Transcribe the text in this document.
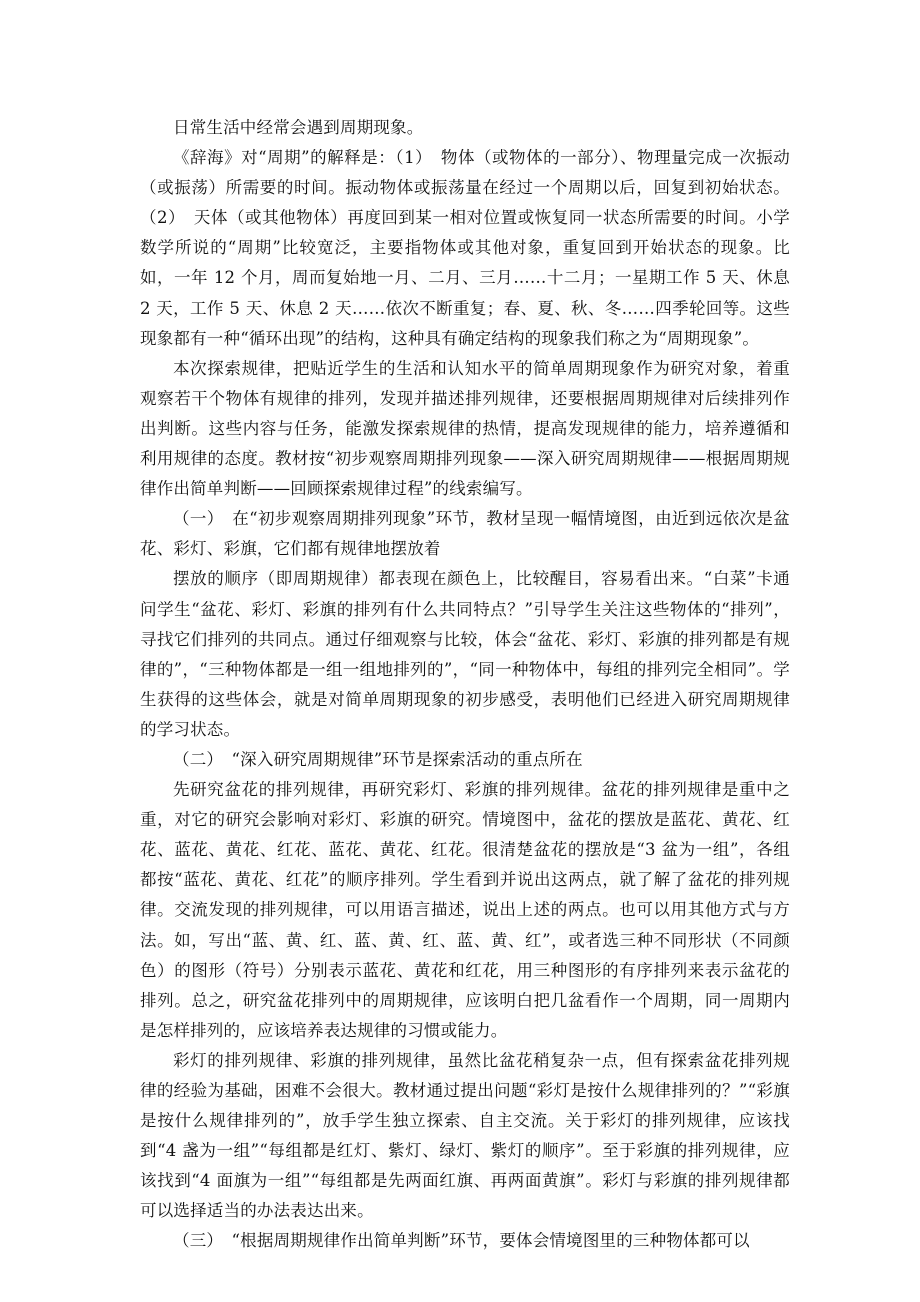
日常生活中经常会遇到周期现象。

《辞海》对“周期”的解释是：（1）　物体（或物体的一部分）、物理量完成一次振动（或振荡）所需要的时间。振动物体或振荡量在经过一个周期以后，回复到初始状态。（2）　天体（或其他物体）再度回到某一相对位置或恢复同一状态所需要的时间。小学数学所说的“周期”比较宽泛，主要指物体或其他对象，重复回到开始状态的现象。比如，一年 12 个月，周而复始地一月、二月、三月……十二月；一星期工作 5 天、休息 2 天，工作 5 天、休息 2 天……依次不断重复；春、夏、秋、冬……四季轮回等。这些现象都有一种“循环出现”的结构，这种具有确定结构的现象我们称之为“周期现象”。

本次探索规律，把贴近学生的生活和认知水平的简单周期现象作为研究对象，着重观察若干个物体有规律的排列，发现并描述排列规律，还要根据周期规律对后续排列作出判断。这些内容与任务，能激发探索规律的热情，提高发现规律的能力，培养遵循和利用规律的态度。教材按“初步观察周期排列现象——深入研究周期规律——根据周期规律作出简单判断——回顾探索规律过程”的线索编写。

（一）　在“初步观察周期排列现象”环节，教材呈现一幅情境图，由近到远依次是盆花、彩灯、彩旗，它们都有规律地摆放着

摆放的顺序（即周期规律）都表现在颜色上，比较醒目，容易看出来。“白菜”卡通问学生“盆花、彩灯、彩旗的排列有什么共同特点？”引导学生关注这些物体的“排列”，寻找它们排列的共同点。通过仔细观察与比较，体会“盆花、彩灯、彩旗的排列都是有规律的”，“三种物体都是一组一组地排列的”，“同一种物体中，每组的排列完全相同”。学生获得的这些体会，就是对简单周期现象的初步感受，表明他们已经进入研究周期规律的学习状态。

（二）　“深入研究周期规律”环节是探索活动的重点所在

先研究盆花的排列规律，再研究彩灯、彩旗的排列规律。盆花的排列规律是重中之重，对它的研究会影响对彩灯、彩旗的研究。情境图中，盆花的摆放是蓝花、黄花、红花、蓝花、黄花、红花、蓝花、黄花、红花。很清楚盆花的摆放是“3 盆为一组”，各组都按“蓝花、黄花、红花”的顺序排列。学生看到并说出这两点，就了解了盆花的排列规律。交流发现的排列规律，可以用语言描述，说出上述的两点。也可以用其他方式与方法。如，写出“蓝、黄、红、蓝、黄、红、蓝、黄、红”，或者选三种不同形状（不同颜色）的图形（符号）分别表示蓝花、黄花和红花，用三种图形的有序排列来表示盆花的排列。总之，研究盆花排列中的周期规律，应该明白把几盆看作一个周期，同一周期内是怎样排列的，应该培养表达规律的习惯或能力。

彩灯的排列规律、彩旗的排列规律，虽然比盆花稍复杂一点，但有探索盆花排列规律的经验为基础，困难不会很大。教材通过提出问题“彩灯是按什么规律排列的？”“彩旗是按什么规律排列的”，放手学生独立探索、自主交流。关于彩灯的排列规律，应该找到“4 盏为一组”“每组都是红灯、紫灯、绿灯、紫灯的顺序”。至于彩旗的排列规律，应该找到“4 面旗为一组”“每组都是先两面红旗、再两面黄旗”。彩灯与彩旗的排列规律都可以选择适当的办法表达出来。

（三）　“根据周期规律作出简单判断”环节，要体会情境图里的三种物体都可以
